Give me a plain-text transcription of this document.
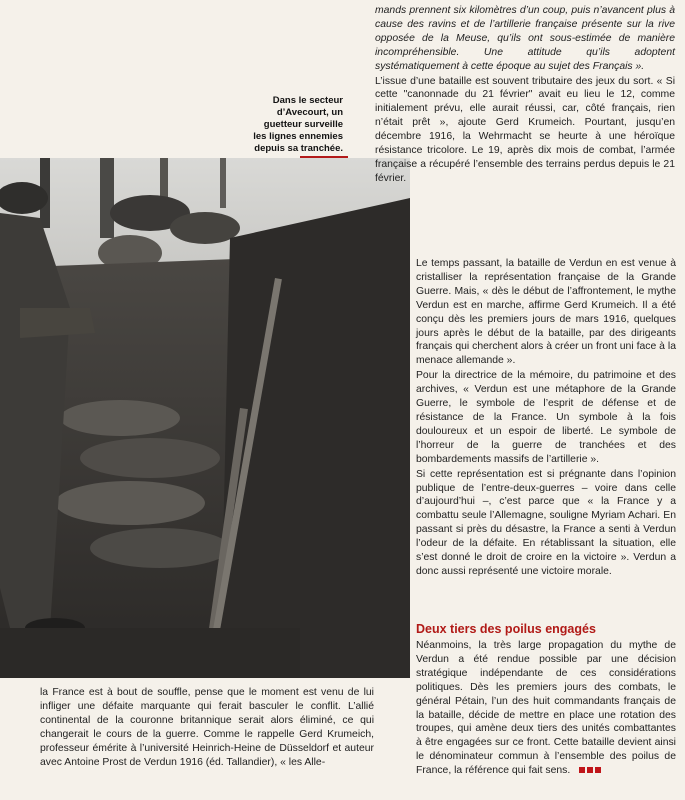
Dans le secteur d’Avecourt, un guetteur surveille les lignes ennemies depuis sa tranchée.

mands prennent six kilomètres d’un coup, puis n’avancent plus à cause des ravins et de l’artillerie française présente sur la rive opposée de la Meuse, qu’ils ont sous-estimée de manière incompréhensible. Une attitude qu’ils adoptent systématiquement à cette époque au sujet des Français ».

L’issue d’une bataille est souvent tributaire des jeux du sort. « Si cette "canonnade du 21 février" avait eu lieu le 12, comme initialement prévu, elle aurait réussi, car, côté français, rien n’était prêt », ajoute Gerd Krumeich. Pourtant, jusqu’en décembre 1916, la Wehrmacht se heurte à une héroïque résistance tricolore. Le 19, après dix mois de combat, l’armée française a récupéré l’ensemble des terrains perdus depuis le 21 février.

Le temps passant, la bataille de Verdun en est venue à cristalliser la représentation française de la Grande Guerre. Mais, « dès le début de l’affrontement, le mythe Verdun est en marche, affirme Gerd Krumeich. Il a été conçu dès les premiers jours de mars 1916, quelques jours après le début de la bataille, par des dirigeants français qui cherchent alors à créer un front uni face à la menace allemande ».

Pour la directrice de la mémoire, du patrimoine et des archives, « Verdun est une métaphore de la Grande Guerre, le symbole de l’esprit de défense et de résistance de la France. Un symbole à la fois douloureux et un espoir de liberté. Le symbole de l’horreur de la guerre de tranchées et des bombardements massifs de l’artillerie ».

Si cette représentation est si prégnante dans l’opinion publique de l’entre-deux-guerres – voire dans celle d’aujourd’hui –, c’est parce que « la France y a combattu seule l’Allemagne, souligne Myriam Achari. En passant si près du désastre, la France a senti à Verdun l’odeur de la défaite. En rétablissant la situation, elle s’est donné le droit de croire en la victoire ». Verdun a donc aussi représenté une victoire morale.

Deux tiers des poilus engagés

Néanmoins, la très large propagation du mythe de Verdun a été rendue possible par une décision stratégique indépendante de ces considérations politiques. Dès les premiers jours des combats, le général Pétain, l’un des huit commandants français de la bataille, décide de mettre en place une rotation des troupes, qui amène deux tiers des unités combattantes à être engagées sur ce front. Cette bataille devient ainsi le dénominateur commun à l’ensemble des poilus de France, la référence qui fait sens.

la France est à bout de souffle, pense que le moment est venu de lui infliger une défaite marquante qui ferait basculer le conflit. L’allié continental de la couronne britannique serait alors éliminé, ce qui changerait le cours de la guerre. Comme le rappelle Gerd Krumeich, professeur émérite à l’université Heinrich-Heine de Düsseldorf et auteur avec Antoine Prost de Verdun 1916 (éd. Tallandier), « les Alle-
